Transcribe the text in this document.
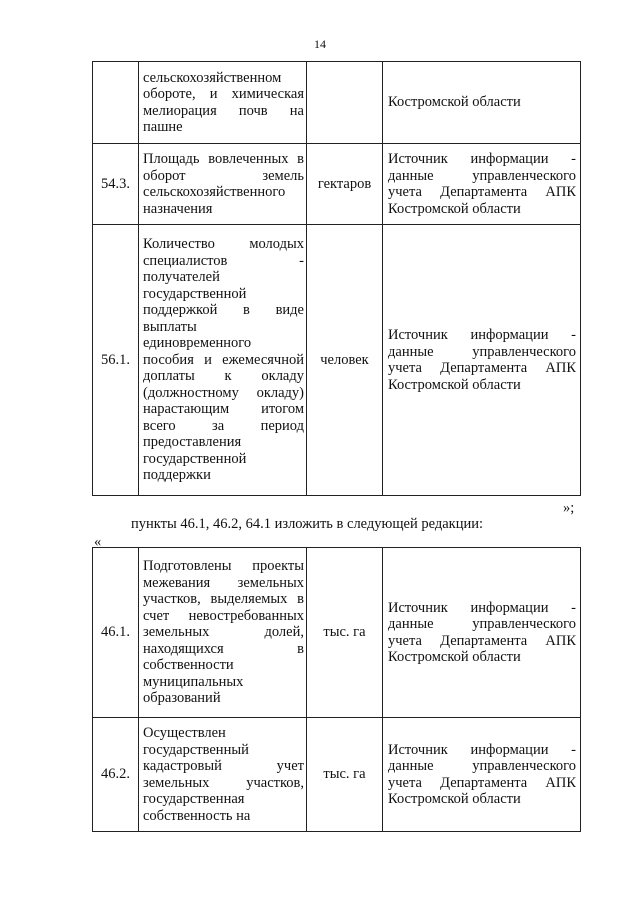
14
	сельскохозяйственном обороте, и химическая мелиорация почв на пашне		Костромской области
54.3.	Площадь вовлеченных в оборот земель сельскохозяйственного назначения	гектаров	Источник информации - данные управленческого учета Департамента АПК Костромской области
56.1.	Количество молодых специалистов - получателей государственной поддержкой в виде выплаты единовременного пособия и ежемесячной доплаты к окладу (должностному окладу) нарастающим итогом всего за период предоставления государственной поддержки	человек	Источник информации - данные управленческого учета Департамента АПК Костромской области
»;
пункты 46.1, 46.2, 64.1 изложить в следующей редакции:
«
46.1.	Подготовлены проекты межевания земельных участков, выделяемых в счет невостребованных земельных долей, находящихся в собственности муниципальных образований	тыс. га	Источник информации - данные управленческого учета Департамента АПК Костромской области
46.2.	Осуществлен государственный кадастровый учет земельных участков, государственная собственность на	тыс. га	Источник информации - данные управленческого учета Департамента АПК Костромской области
